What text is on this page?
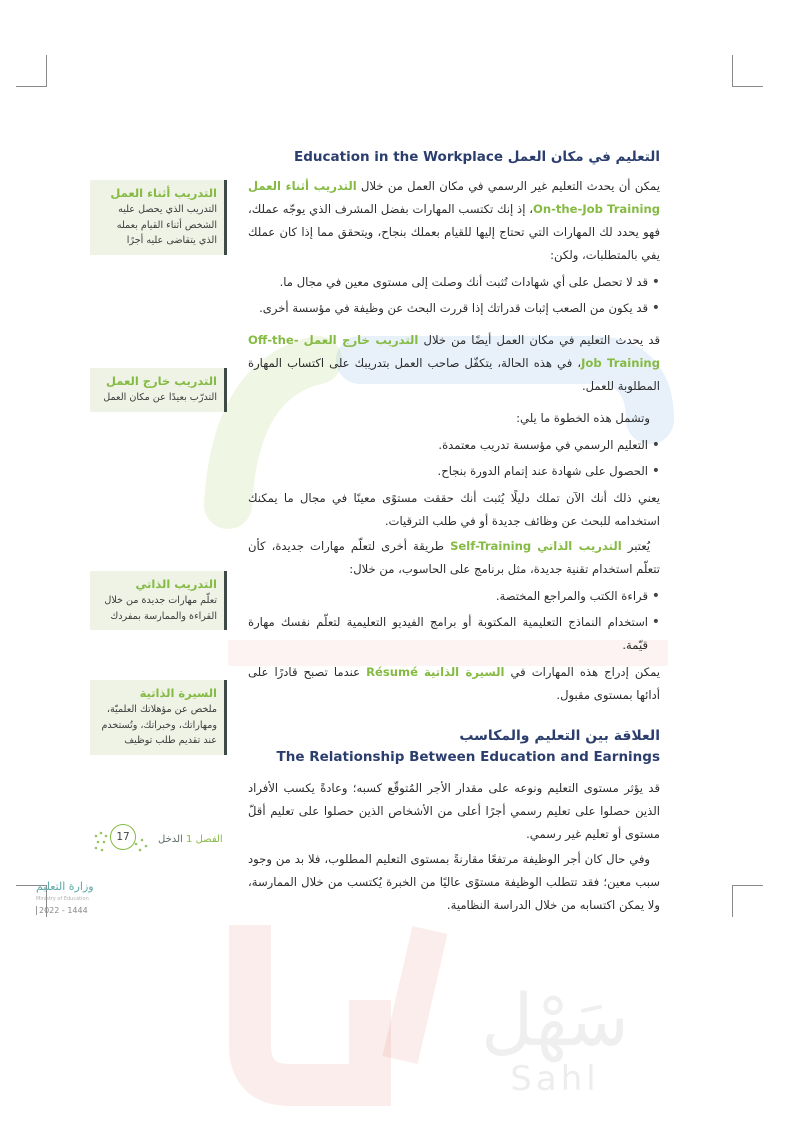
سَهْل
Sahl
التدريب أثناء العمل
التدريب الذي يحصل عليه الشخص أثناء القيام بعمله الذي يتقاضى عليه أجرًا
التدريب خارج العمل
التدرّب بعيدًا عن مكان العمل
التدريب الذاتي
تعلّم مهارات جديدة من خلال القراءة والممارسة بمفردك
السيرة الذاتية
ملخص عن مؤهلاتك العلميّة، ومهاراتك، وخبراتك، وتُستخدم عند تقديم طلب توظيف
التعليم في مكان العمل Education in the Workplace

يمكن أن يحدث التعليم غير الرسمي في مكان العمل من خلال التدريب أثناء العمل On-the-Job Training، إذ إنك تكتسب المهارات بفضل المشرف الذي يوجّه عملك، فهو يحدد لك المهارات التي تحتاج إليها للقيام بعملك بنجاح، ويتحقق مما إذا كان عملك يفي بالمتطلبات، ولكن:

• قد لا تحصل على أي شهادات تُثبت أنك وصلت إلى مستوى معين في مجال ما.
• قد يكون من الصعب إثبات قدراتك إذا قررت البحث عن وظيفة في مؤسسة أخرى.

قد يحدث التعليم في مكان العمل أيضًا من خلال التدريب خارج العمل Off-the-Job Training، في هذه الحالة، يتكفّل صاحب العمل بتدريبك على اكتساب المهارة المطلوبة للعمل.

وتشمل هذه الخطوة ما يلي:

• التعليم الرسمي في مؤسسة تدريب معتمدة.
• الحصول على شهادة عند إتمام الدورة بنجاح.

يعني ذلك أنك الآن تملك دليلًا يُثبت أنك حققت مستوًى معينًا في مجال ما يمكنك استخدامه للبحث عن وظائف جديدة أو في طلب الترقيات.

يُعتبر التدريب الذاتي Self-Training طريقة أخرى لتعلّم مهارات جديدة، كأن تتعلّم استخدام تقنية جديدة، مثل برنامج على الحاسوب، من خلال:

• قراءة الكتب والمراجع المختصة.
• استخدام النماذج التعليمية المكتوبة أو برامج الفيديو التعليمية لتعلّم نفسك مهارة قيّمة.

يمكن إدراج هذه المهارات في السيرة الذاتية Résumé عندما تصبح قادرًا على أدائها بمستوى مقبول.

العلاقة بين التعليم والمكاسب
The Relationship Between Education and Earnings

قد يؤثر مستوى التعليم ونوعه على مقدار الأجر المُتوقّع كسبه؛ وعادةً يكسب الأفراد الذين حصلوا على تعليم رسمي أجرًا أعلى من الأشخاص الذين حصلوا على تعليم أقلّ مستوى أو تعليم غير رسمي.

وفي حال كان أجر الوظيفة مرتفعًا مقارنةً بمستوى التعليم المطلوب، فلا بد من وجود سبب معين؛ فقد تتطلب الوظيفة مستوًى عاليًا من الخبرة يُكتسب من خلال الممارسة، ولا يمكن اكتسابه من خلال الدراسة النظامية.

الفصل 1 الدخل
17
وزارة التعليم
Ministry of Education
2022 - 1444
